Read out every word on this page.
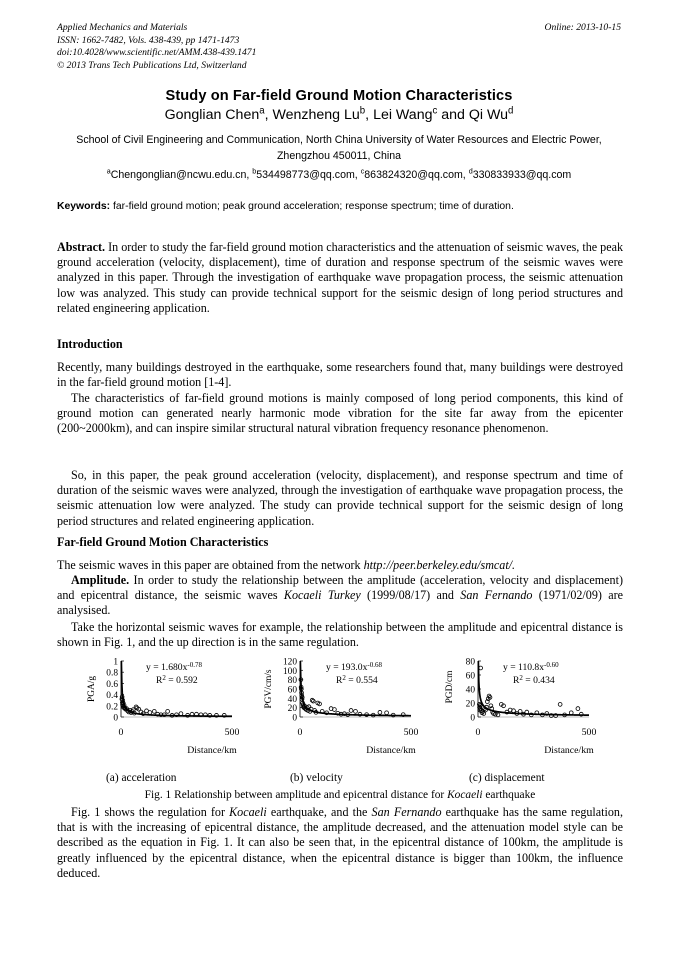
Applied Mechanics and Materials
ISSN: 1662-7482, Vols. 438-439, pp 1471-1473
doi:10.4028/www.scientific.net/AMM.438-439.1471
© 2013 Trans Tech Publications Ltd, Switzerland
Online: 2013-10-15
Study on Far-field Ground Motion Characteristics
Gonglian Chen$^a$, Wenzheng Lu$^b$, Lei Wang$^c$ and Qi Wu$^d$
School of Civil Engineering and Communication, North China University of Water Resources and Electric Power, Zhengzhou 450011, China
$^a$Chengonglian@ncwu.edu.cn, $^b$534498773@qq.com, $^c$863824320@qq.com, $^d$330833933@qq.com
Keywords: far-field ground motion; peak ground acceleration; response spectrum; time of duration.
Abstract. In order to study the far-field ground motion characteristics and the attenuation of seismic waves, the peak ground acceleration (velocity, displacement), time of duration and response spectrum of the seismic waves were analyzed in this paper. Through the investigation of earthquake wave propagation process, the seismic attenuation low was analyzed. This study can provide technical support for the seismic design of long period structures and related engineering application.
Introduction
Recently, many buildings destroyed in the earthquake, some researchers found that, many buildings were destroyed in the far-field ground motion [1-4].
The characteristics of far-field ground motions is mainly composed of long period components, this kind of ground motion can generated nearly harmonic mode vibration for the site far away from the epicenter (200~2000km), and can inspire similar structural natural vibration frequency resonance phenomenon.
So, in this paper, the peak ground acceleration (velocity, displacement), and response spectrum and time of duration of the seismic waves were analyzed, through the investigation of earthquake wave propagation process, the seismic attenuation low were analyzed. The study can provide technical support for the seismic design of long period structures and related engineering application.
Far-field Ground Motion Characteristics
The seismic waves in this paper are obtained from the network http://peer.berkeley.edu/smcat/.
Amplitude. In order to study the relationship between the amplitude (acceleration, velocity and displacement) and epicentral distance, the seismic waves Kocaeli Turkey (1999/08/17) and San Fernando (1971/02/09) are analysised.
Take the horizontal seismic waves for example, the relationship between the amplitude and epicentral distance is shown in Fig. 1, and the up direction is in the same regulation.
1
0.8
0.6
0.4
0.2
0
PGA/g
0	500
Distance/km
$y = 1.680x^{-0.78}$
$R^2 = 0.592$
120
100
80
60
40
20
0
PGV/cm/s
0	500
Distance/km
$y = 193.0x^{-0.68}$
$R^2 = 0.554$
80
60
40
20
0
PGD/cm
0	500
Distance/km
$y = 110.8x^{-0.60}$
$R^2 = 0.434$
(a) acceleration	(b) velocity	(c) displacement
Fig. 1 Relationship between amplitude and epicentral distance for Kocaeli earthquake
Fig. 1 shows the regulation for Kocaeli earthquake, and the San Fernando earthquake has the same regulation, that is with the increasing of epicentral distance, the amplitude decreased, and the attenuation model style can be described as the equation in Fig. 1. It can also be seen that, in the epicentral distance of 100km, the amplitude is greatly influenced by the epicentral distance, when the epicentral distance is bigger than 100km, the influence deduced.
